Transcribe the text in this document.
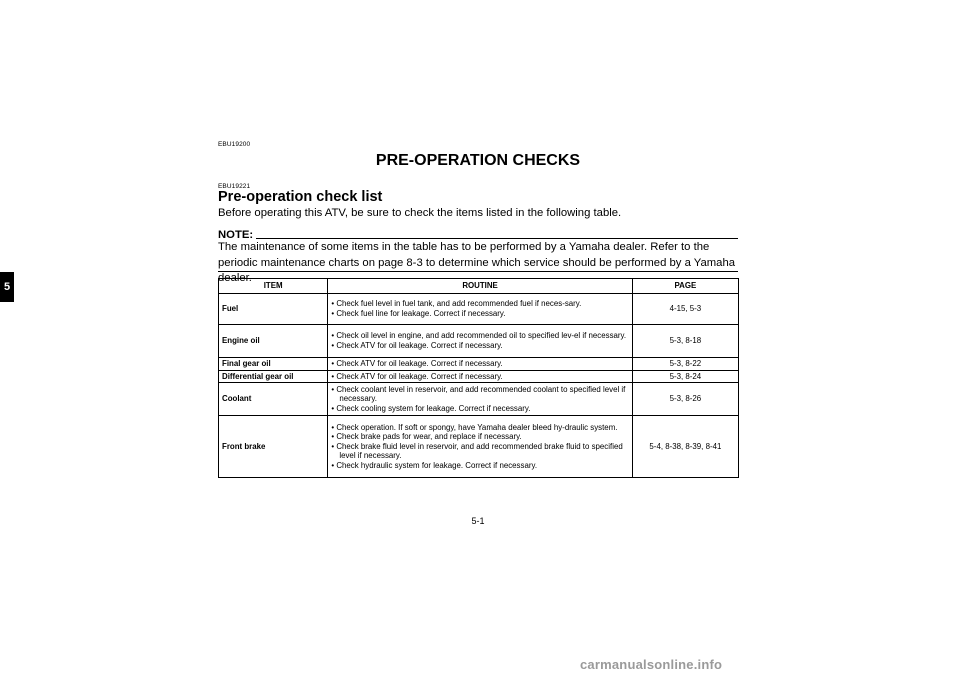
5
EBU19200
PRE-OPERATION CHECKS
EBU19221
Pre-operation check list
Before operating this ATV, be sure to check the items listed in the following table.
NOTE:
The maintenance of some items in the table has to be performed by a Yamaha dealer. Refer to the periodic maintenance charts on page 8-3 to determine which service should be performed by a Yamaha dealer.
ITEM	ROUTINE	PAGE
Fuel	• Check fuel level in fuel tank, and add recommended fuel if neces-sary.
• Check fuel line for leakage. Correct if necessary.	4-15, 5-3
Engine oil	• Check oil level in engine, and add recommended oil to specified lev-el if necessary.
• Check ATV for oil leakage. Correct if necessary.	5-3, 8-18
Final gear oil	• Check ATV for oil leakage. Correct if necessary.	5-3, 8-22
Differential gear oil	• Check ATV for oil leakage. Correct if necessary.	5-3, 8-24
Coolant	• Check coolant level in reservoir, and add recommended coolant to specified level if necessary.
• Check cooling system for leakage. Correct if necessary.	5-3, 8-26
Front brake	• Check operation. If soft or spongy, have Yamaha dealer bleed hy-draulic system.
• Check brake pads for wear, and replace if necessary.
• Check brake fluid level in reservoir, and add recommended brake fluid to specified level if necessary.
• Check hydraulic system for leakage. Correct if necessary.	5-4, 8-38, 8-39, 8-41
5-1
carmanualsonline.info
